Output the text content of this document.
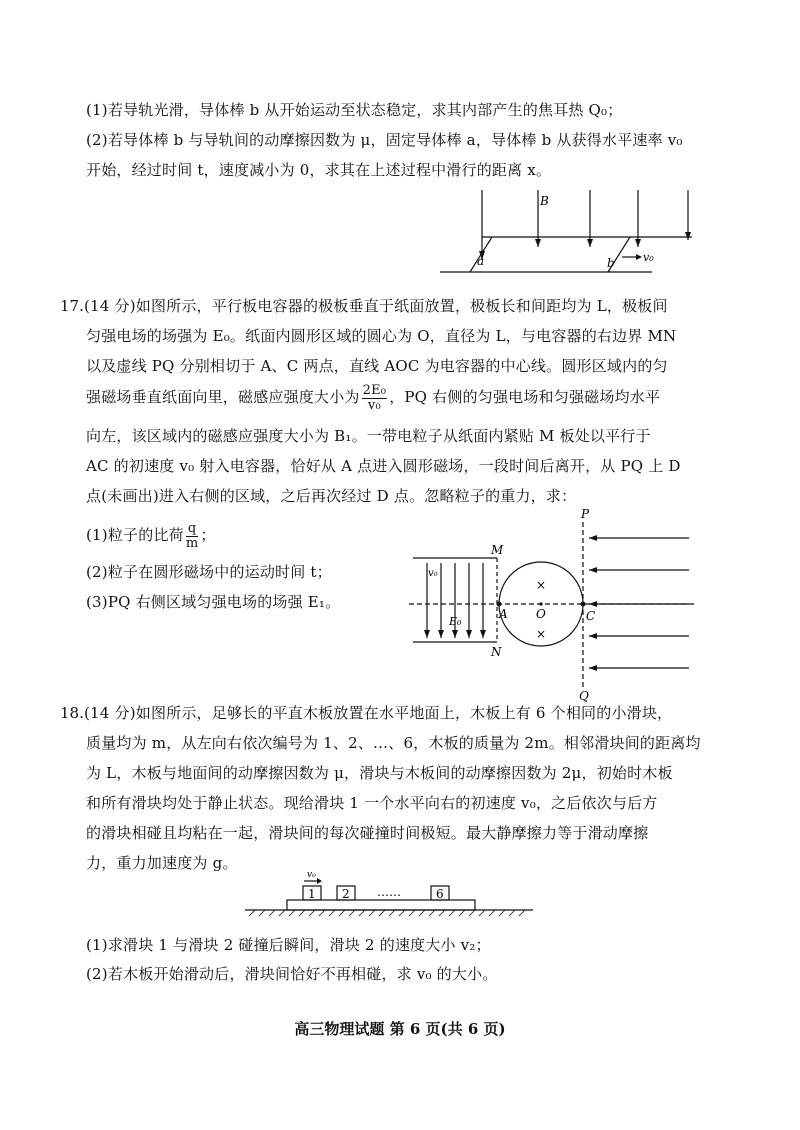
(1)若导轨光滑，导体棒 b 从开始运动至状态稳定，求其内部产生的焦耳热 Q₀；
(2)若导体棒 b 与导轨间的动摩擦因数为 μ，固定导体棒 a，导体棒 b 从获得水平速率 v₀
开始，经过时间 t，速度减小为 0，求其在上述过程中滑行的距离 x。
B
a	b	v₀
17. (14 分)如图所示，平行板电容器的极板垂直于纸面放置，极板长和间距均为 L，极板间
匀强电场的场强为 E₀。纸面内圆形区域的圆心为 O，直径为 L，与电容器的右边界 MN
以及虚线 PQ 分别相切于 A、C 两点，直线 AOC 为电容器的中心线。圆形区域内的匀
强磁场垂直纸面向里，磁感应强度大小为 $\frac{\text{2E₀}}{\text{v₀}}$ ，PQ 右侧的匀强电场和匀强磁场均水平
向左，该区域内的磁感应强度大小为 B₁。一带电粒子从纸面内紧贴 M 板处以平行于
AC 的初速度 v₀ 射入电容器，恰好从 A 点进入圆形磁场，一段时间后离开，从 PQ 上 D
点(未画出)进入右侧的区域，之后再次经过 D 点。忽略粒子的重力，求：
(1)粒子的比荷 $\frac{q}{m}$ ；
(2)粒子在圆形磁场中的运动时间 t；
(3)PQ 右侧区域匀强电场的场强 E₁。
P
Q
M
N
A O	C
v₀
E₀
×
×
18. (14 分)如图所示，足够长的平直木板放置在水平地面上，木板上有 6 个相同的小滑块，
质量均为 m，从左向右依次编号为 1、2、…、6，木板的质量为 2m。相邻滑块间的距离均
为 L，木板与地面间的动摩擦因数为 μ，滑块与木板间的动摩擦因数为 2μ，初始时木板
和所有滑块均处于静止状态。现给滑块 1 一个水平向右的初速度 v₀，之后依次与后方
的滑块相碰且均粘在一起，滑块间的每次碰撞时间极短。最大静摩擦力等于滑动摩擦
力，重力加速度为 g。
v₀
1 2 ……	6
(1)求滑块 1 与滑块 2 碰撞后瞬间，滑块 2 的速度大小 v₂；
(2)若木板开始滑动后，滑块间恰好不再相碰，求 v₀ 的大小。
高三物理试题 第 6 页(共 6 页)
